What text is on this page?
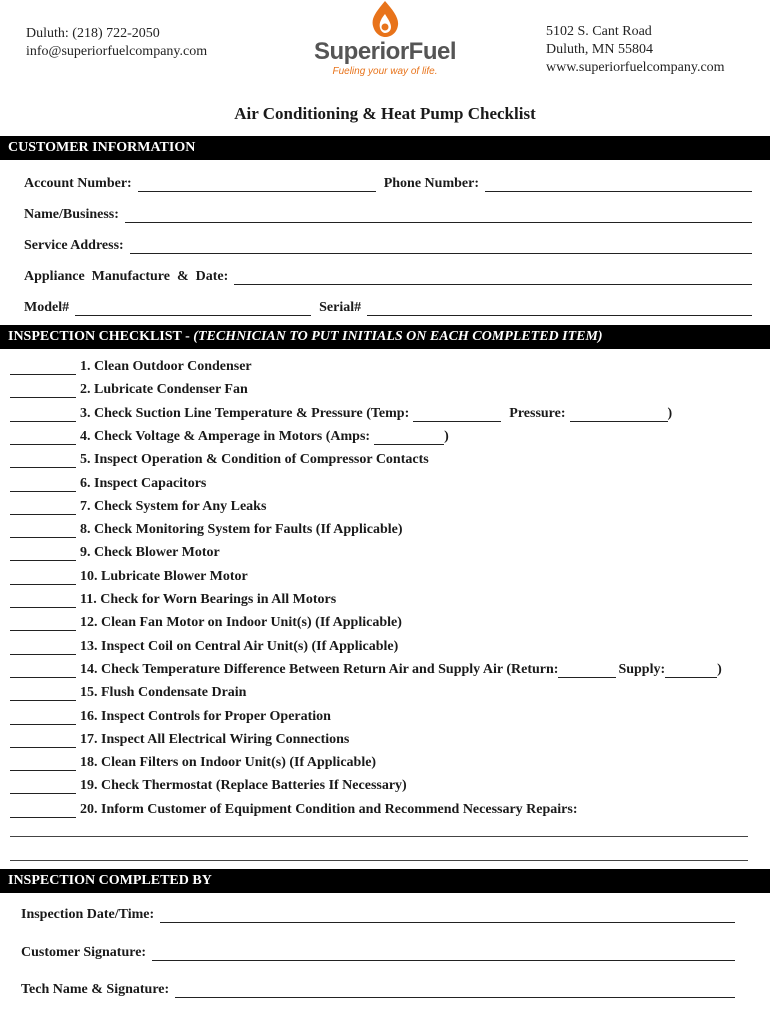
Duluth: (218) 722-2050
info@superiorfuelcompany.com
5102 S. Cant Road
Duluth, MN 55804
www.superiorfuelcompany.com
SuperiorFuel
Fueling your way of life.
Air Conditioning & Heat Pump Checklist
CUSTOMER INFORMATION
Account Number:	Phone Number:
Name/Business:
Service Address:
Appliance  Manufacture  &  Date:
Model#	Serial#
INSPECTION CHECKLIST - (TECHNICIAN TO PUT INITIALS ON EACH COMPLETED ITEM)
1. Clean Outdoor Condenser
2. Lubricate Condenser Fan
3. Check Suction Line Temperature & Pressure (Temp:	Pressure:	)
4. Check Voltage & Amperage in Motors (Amps:	)
5. Inspect Operation & Condition of Compressor Contacts
6. Inspect Capacitors
7. Check System for Any Leaks
8. Check Monitoring System for Faults (If Applicable)
9. Check Blower Motor
10. Lubricate Blower Motor
11. Check for Worn Bearings in All Motors
12. Clean Fan Motor on Indoor Unit(s) (If Applicable)
13. Inspect Coil on Central Air Unit(s) (If Applicable)
14. Check Temperature Difference Between Return Air and Supply Air (Return:	Supply:	)
15. Flush Condensate Drain
16. Inspect Controls for Proper Operation
17. Inspect All Electrical Wiring Connections
18. Clean Filters on Indoor Unit(s) (If Applicable)
19. Check Thermostat (Replace Batteries If Necessary)
20. Inform Customer of Equipment Condition and Recommend Necessary Repairs:
INSPECTION COMPLETED BY
Inspection Date/Time:
Customer Signature:
Tech Name & Signature:
